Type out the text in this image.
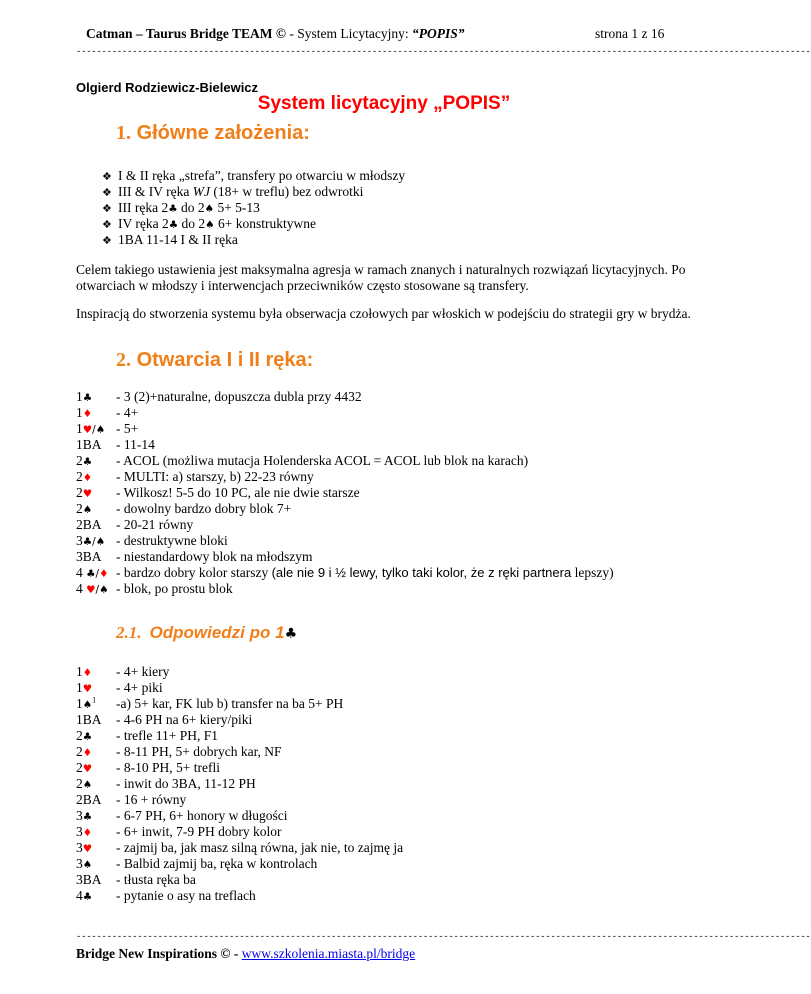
Catman – Taurus Bridge TEAM © - System Licytacyjny: “POPIS”	strona 1 z 16
------------------------------------------------------------------------------------------------------------------------------------------------
Olgierd Rodziewicz-Bielewicz
System licytacyjny „POPIS”
1. Główne założenia:
❖ I & II ręka „strefa”, transfery po otwarciu w młodszy
❖ III & IV ręka WJ (18+ w treflu) bez odwrotki
❖ III ręka 2♣ do 2♠ 5+ 5-13
❖ IV ręka 2♣ do 2♠ 6+ konstruktywne
❖ 1BA 11-14 I & II ręka
Celem takiego ustawienia jest maksymalna agresja w ramach znanych i naturalnych rozwiązań licytacyjnych. Po otwarciach w młodszy i interwencjach przeciwników często stosowane są transfery.
Inspiracją do stworzenia systemu była obserwacja czołowych par włoskich w podejściu do strategii gry w brydża.
2. Otwarcia I i II ręka:
1♣ - 3 (2)+naturalne, dopuszcza dubla przy 4432
1♦ - 4+
1♥/♠ - 5+
1BA - 11-14
2♣ - ACOL (możliwa mutacja Holenderska ACOL = ACOL lub blok na karach)
2♦ - MULTI: a) starszy, b) 22-23 równy
2♥ - Wilkosz! 5-5 do 10 PC, ale nie dwie starsze
2♠ - dowolny bardzo dobry blok 7+
2BA - 20-21 równy
3♣/♠ - destruktywne bloki
3BA - niestandardowy blok na młodszym
4 ♣/♦ - bardzo dobry kolor starszy (ale nie 9 i ½ lewy, tylko taki kolor, że z ręki partnera lepszy)
4 ♥/♠ - blok, po prostu blok
2.1. Odpowiedzi po 1♣
1♦ - 4+ kiery
1♥ - 4+ piki
1♠$^1$ -a) 5+ kar, FK lub b) transfer na ba 5+ PH
1BA - 4-6 PH na 6+ kiery/piki
2♣ - trefle 11+ PH, F1
2♦ - 8-11 PH, 5+ dobrych kar, NF
2♥ - 8-10 PH, 5+ trefli
2♠ - inwit do 3BA, 11-12 PH
2BA - 16 + równy
3♣ - 6-7 PH, 6+ honory w długości
3♦ - 6+ inwit, 7-9 PH dobry kolor
3♥ - zajmij ba, jak masz silną równa, jak nie, to zajmę ja
3♠ - Balbid zajmij ba, ręka w kontrolach
3BA - tłusta ręka ba
4♣ - pytanie o asy na treflach
------------------------------------------------------------------------------------------------------------------------------------------------
Bridge New Inspirations © - www.szkolenia.miasta.pl/bridge
